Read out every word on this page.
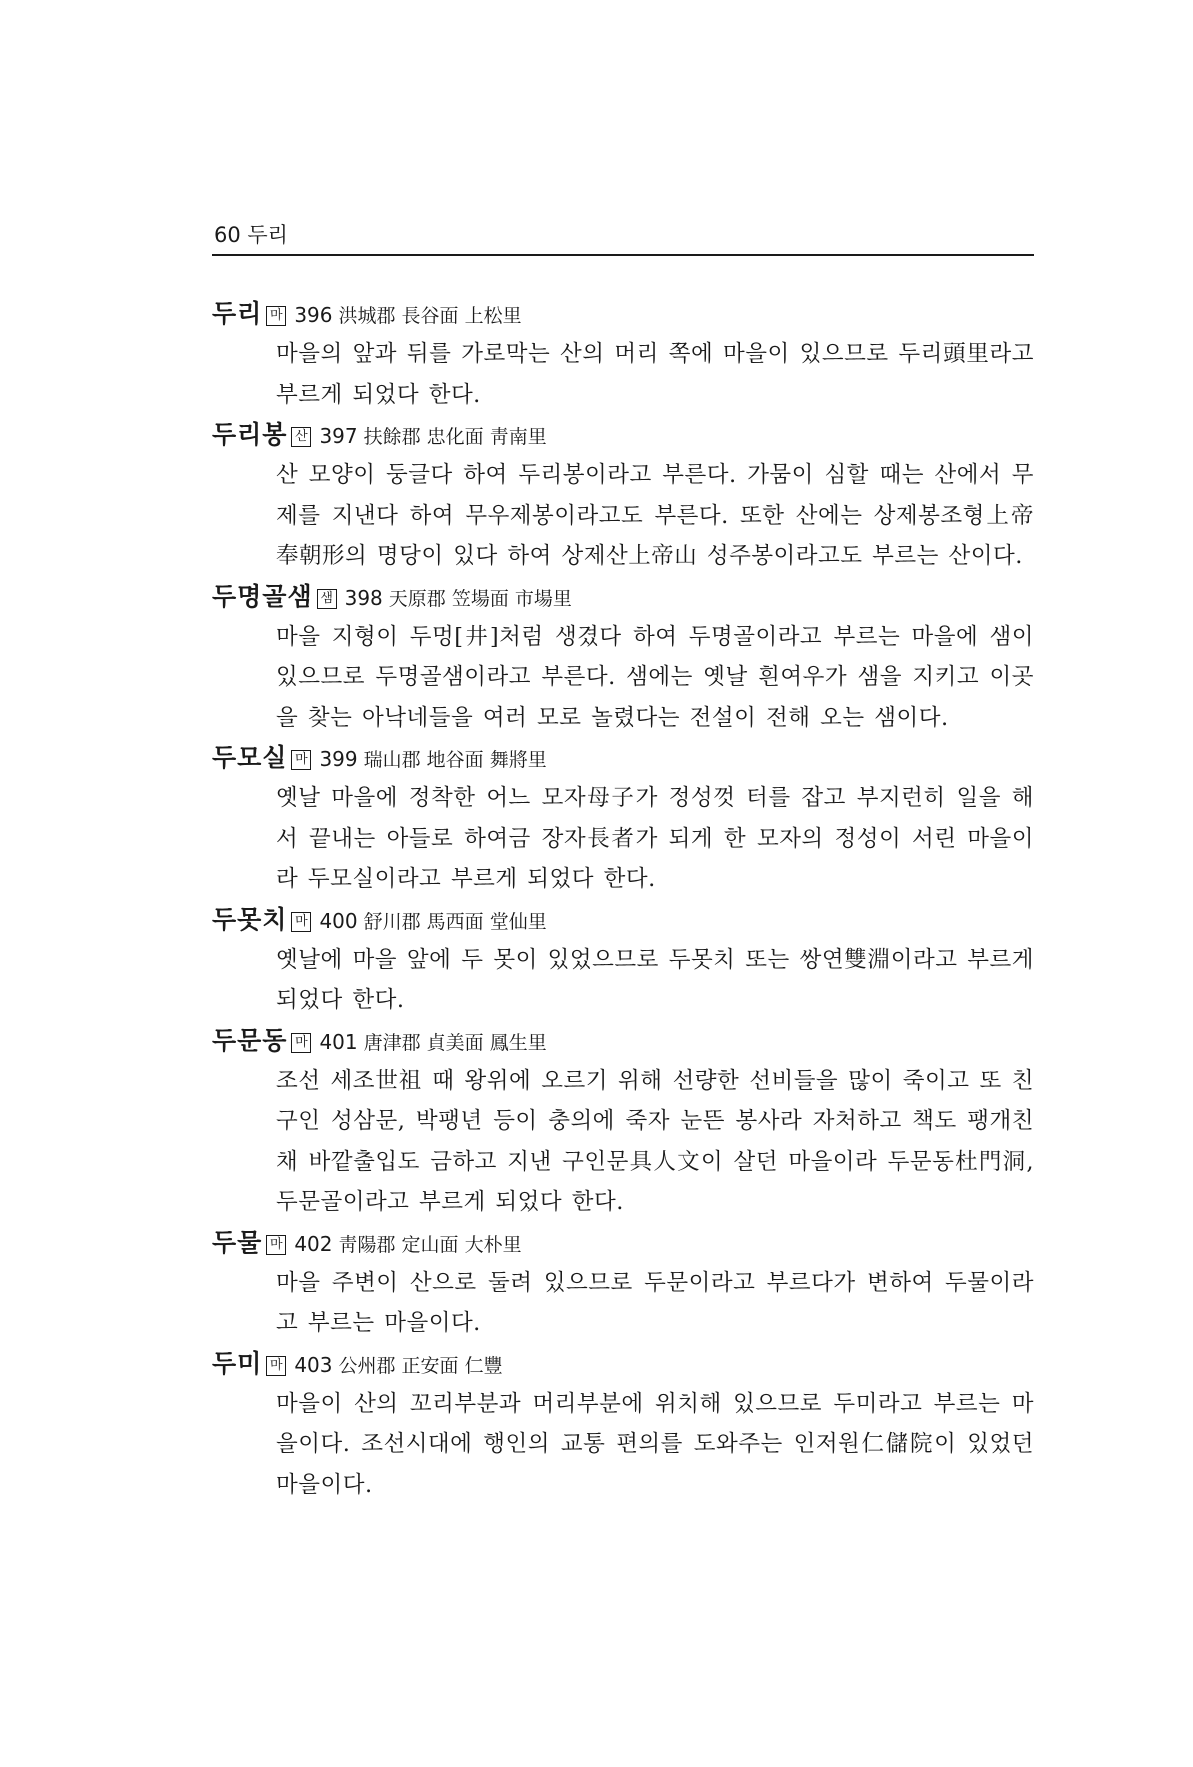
60 두리
두리 마 396 洪城郡 長谷面 上松里
마을의 앞과 뒤를 가로막는 산의 머리 쪽에 마을이 있으므로 두리頭里라고 부르게 되었다 한다.
두리봉 산 397 扶餘郡 忠化面 靑南里
산 모양이 둥글다 하여 두리봉이라고 부른다. 가뭄이 심할 때는 산에서 무제를 지낸다 하여 무우제봉이라고도 부른다. 또한 산에는 상제봉조형上帝奉朝形의 명당이 있다 하여 상제산上帝山 성주봉이라고도 부르는 산이다.
두명골샘 샘 398 天原郡 笠場面 市場里
마을 지형이 두멍[井]처럼 생겼다 하여 두명골이라고 부르는 마을에 샘이 있으므로 두명골샘이라고 부른다. 샘에는 옛날 흰여우가 샘을 지키고 이곳을 찾는 아낙네들을 여러 모로 놀렸다는 전설이 전해 오는 샘이다.
두모실 마 399 瑞山郡 地谷面 舞將里
옛날 마을에 정착한 어느 모자母子가 정성껏 터를 잡고 부지런히 일을 해서 끝내는 아들로 하여금 장자長者가 되게 한 모자의 정성이 서린 마을이라 두모실이라고 부르게 되었다 한다.
두못치 마 400 舒川郡 馬西面 堂仙里
옛날에 마을 앞에 두 못이 있었으므로 두못치 또는 쌍연雙淵이라고 부르게 되었다 한다.
두문동 마 401 唐津郡 貞美面 鳳生里
조선 세조世祖 때 왕위에 오르기 위해 선량한 선비들을 많이 죽이고 또 친구인 성삼문, 박팽년 등이 충의에 죽자 눈뜬 봉사라 자처하고 책도 팽개친 채 바깥출입도 금하고 지낸 구인문具人文이 살던 마을이라 두문동杜門洞, 두문골이라고 부르게 되었다 한다.
두물 마 402 靑陽郡 定山面 大朴里
마을 주변이 산으로 둘려 있으므로 두문이라고 부르다가 변하여 두물이라고 부르는 마을이다.
두미 마 403 公州郡 正安面 仁豐
마을이 산의 꼬리부분과 머리부분에 위치해 있으므로 두미라고 부르는 마을이다. 조선시대에 행인의 교통 편의를 도와주는 인저원仁儲院이 있었던 마을이다.
